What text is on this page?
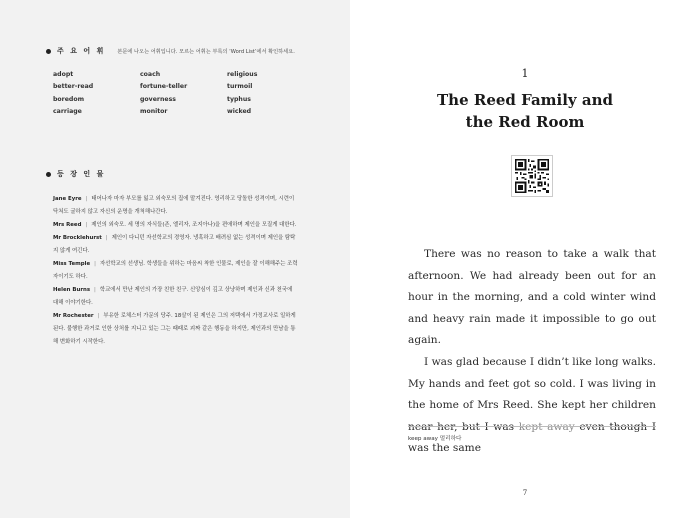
주 요 어 휘 본문에 나오는 어휘입니다. 모르는 어휘는 부록의 ‘Word List’에서 확인하세요.
adopt	coach	religious
better-read	fortune-teller	turmoil
boredom	governess	typhus
carriage	monitor	wicked
등 장 인 물
Jane Eyre | 태어나자 마자 부모를 잃고 외숙모의 집에 맡겨진다. 영리하고 당돌한 성격이며, 시련이 닥쳐도 굴하지 않고 자신의 운명을 개척해나간다.
Mrs Reed | 제인의 외숙모. 세 명의 자식들(존, 엘리자, 조지아나)을 편애하며 제인을 모질게 대한다.
Mr Brocklehurst | 제인이 다니던 자선학교의 경영자. 냉혹하고 배려심 없는 성격이며 제인을 탐탁지 않게 여긴다.
Miss Temple | 자선학교의 선생님. 학생들을 위하는 마음씨 착한 인물로, 제인을 잘 이해해주는 조력자이기도 하다.
Helen Burns | 학교에서 만난 제인의 가장 친한 친구. 신앙심이 깊고 상냥하며 제인과 신과 천국에 대해 이야기한다.
Mr Rochester | 부유한 로체스터 가문의 당주. 18살이 된 제인은 그의 저택에서 가정교사로 일하게 된다. 불행한 과거로 인한 상처를 지니고 있는 그는 때때로 괴짜 같은 행동을 하지만, 제인과의 만남을 통해 변화하기 시작한다.
1
The Reed Family and
the Red Room

There was no reason to take a walk that afternoon. We had already been out for an hour in the morning, and a cold winter wind and heavy rain made it impossible to go out again.

I was glad because I didn’t like long walks. My hands and feet got so cold. I was living in the home of Mrs Reed. She kept her children was the same

keep away 멀리하다
7
